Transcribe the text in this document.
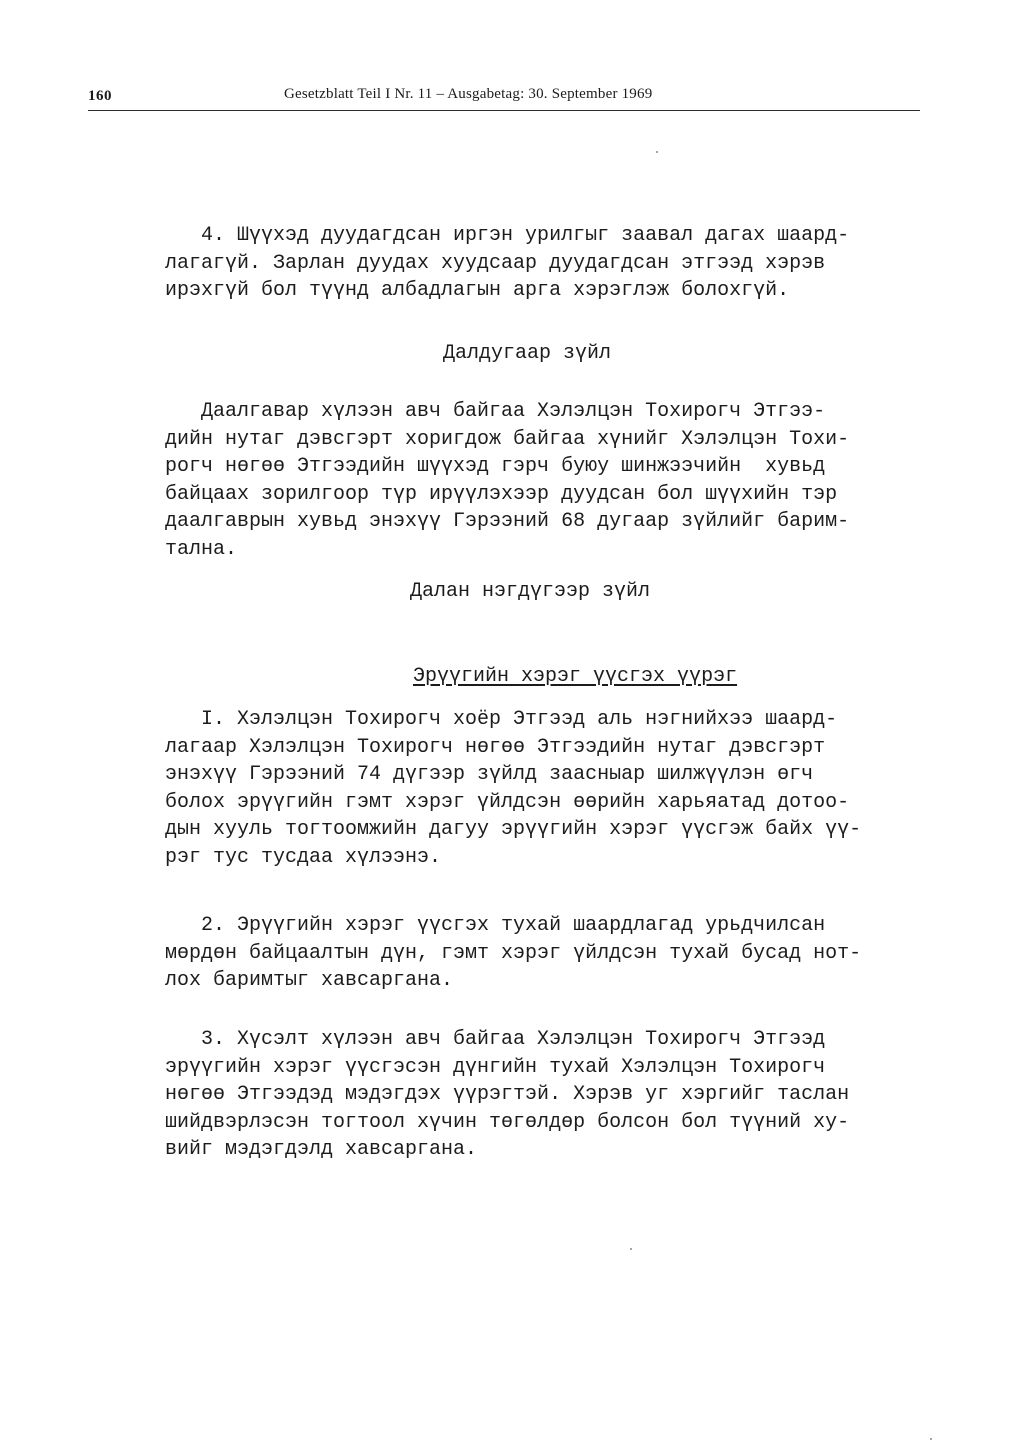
160	Gesetzblatt Teil I Nr. 11 – Ausgabetag: 30. September 1969
4. Шүүхэд дуудагдсан иргэн урилгыг заавал дагах шаард-
лагагүй. Зарлан дуудах хуудсаар дуудагдсан этгээд хэрэв
ирэхгүй бол түүнд албадлагын арга хэрэглэж болохгүй.
Далдугаар зүйл
Даалгавар хүлээн авч байгаа Хэлэлцэн Тохирогч Этгээ-
дийн нутаг дэвсгэрт хоригдож байгаа хүнийг Хэлэлцэн Тохи-
рогч нөгөө Этгээдийн шүүхэд гэрч буюу шинжээчийн  хувьд
байцаах зорилгоор түр ирүүлэхээр дуудсан бол шүүхийн тэр
даалгаврын хувьд энэхүү Гэрээний 68 дугаар зүйлийг барим-
тална.
Далан нэгдүгээр зүйл

Эрүүгийн хэрэг үүсгэх үүрэг

I. Хэлэлцэн Тохирогч хоёр Этгээд аль нэгнийхээ шаард-
лагаар Хэлэлцэн Тохирогч нөгөө Этгээдийн нутаг дэвсгэрт
энэхүү Гэрээний 74 дүгээр зүйлд заасныар шилжүүлэн өгч
болох эрүүгийн гэмт хэрэг үйлдсэн өөрийн харьяатад дотоо-
дын хууль тогтоомжийн дагуу эрүүгийн хэрэг үүсгэж байх үү-
рэг тус тусдаа хүлээнэ.
2. Эрүүгийн хэрэг үүсгэх тухай шаардлагад урьдчилсан
мөрдөн байцаалтын дүн, гэмт хэрэг үйлдсэн тухай бусад нот-
лох баримтыг хавсаргана.
3. Хүсэлт хүлээн авч байгаа Хэлэлцэн Тохирогч Этгээд
эрүүгийн хэрэг үүсгэсэн дүнгийн тухай Хэлэлцэн Тохирогч
нөгөө Этгээдэд мэдэгдэх үүрэгтэй. Хэрэв уг хэргийг таслан
шийдвэрлэсэн тогтоол хүчин төгөлдөр болсон бол түүний ху-
вийг мэдэгдэлд хавсаргана.
